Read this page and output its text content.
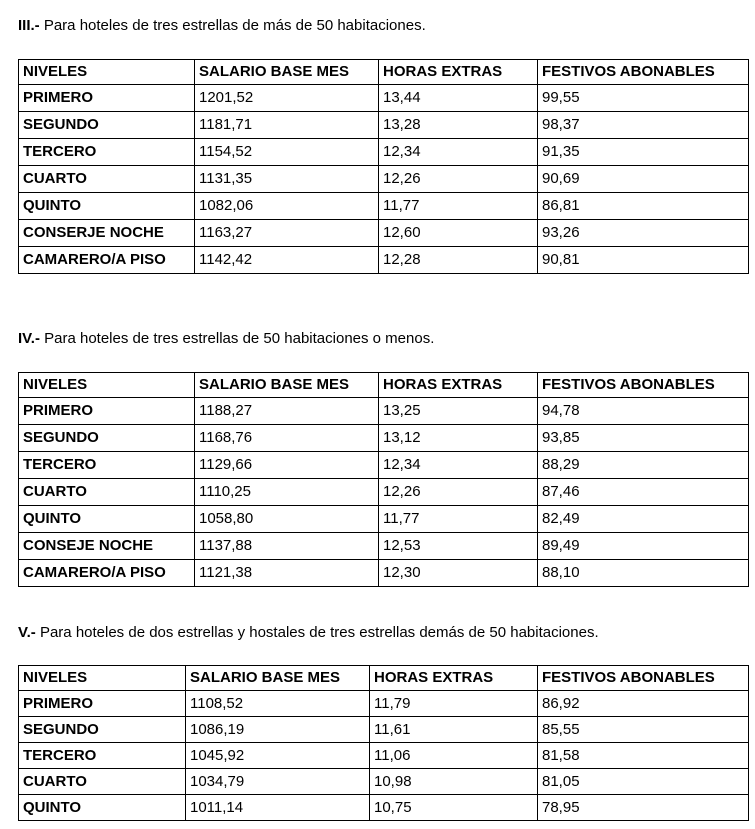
III.- Para hoteles de tres estrellas de más de 50 habitaciones.
NIVELES	SALARIO BASE MES	HORAS EXTRAS	FESTIVOS ABONABLES
PRIMERO	1201,52	13,44	99,55
SEGUNDO	1181,71	13,28	98,37
TERCERO	1154,52	12,34	91,35
CUARTO	1131,35	12,26	90,69
QUINTO	1082,06	11,77	86,81
CONSERJE NOCHE	1163,27	12,60	93,26
CAMARERO/A PISO	1142,42	12,28	90,81
IV.- Para hoteles de tres estrellas de 50 habitaciones o menos.
NIVELES	SALARIO BASE MES	HORAS EXTRAS	FESTIVOS ABONABLES
PRIMERO	1188,27	13,25	94,78
SEGUNDO	1168,76	13,12	93,85
TERCERO	1129,66	12,34	88,29
CUARTO	1110,25	12,26	87,46
QUINTO	1058,80	11,77	82,49
CONSEJE NOCHE	1137,88	12,53	89,49
CAMARERO/A PISO	1121,38	12,30	88,10
V.- Para hoteles de dos estrellas y hostales de tres estrellas demás de 50 habitaciones.
NIVELES	SALARIO BASE MES	HORAS EXTRAS	FESTIVOS ABONABLES
PRIMERO	1108,52	11,79	86,92
SEGUNDO	1086,19	11,61	85,55
TERCERO	1045,92	11,06	81,58
CUARTO	1034,79	10,98	81,05
QUINTO	1011,14	10,75	78,95
